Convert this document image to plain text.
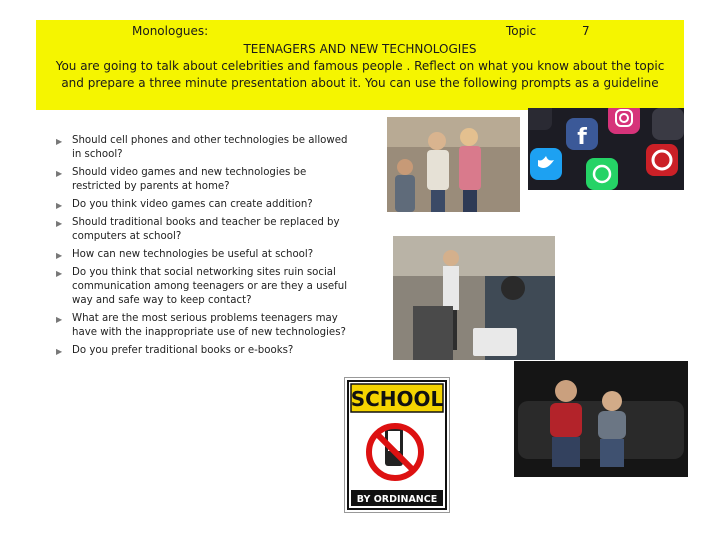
Monologues:	Topic	7
TEENAGERS AND NEW TECHNOLOGIES
You are going to talk about celebrities and famous people . Reflect on what you know about the topic
and prepare a three minute presentation about it. You can use the following prompts as a guideline
▶ Should cell phones and other technologies be allowed in school?
▶ Should video games and new technologies be restricted by parents at home?
▶ Do you think video games can create addition?
▶ Should traditional books and teacher be replaced by computers at school?
▶ How can new technologies be useful at school?
▶ Do you think that social networking sites ruin social communication among teenagers or are they a useful way and safe way to keep contact?
▶ What are the most serious problems teenagers may have with the inappropriate use of new technologies?
▶ Do you prefer traditional books or e-books?
f
SCHOOL
BY ORDINANCE
